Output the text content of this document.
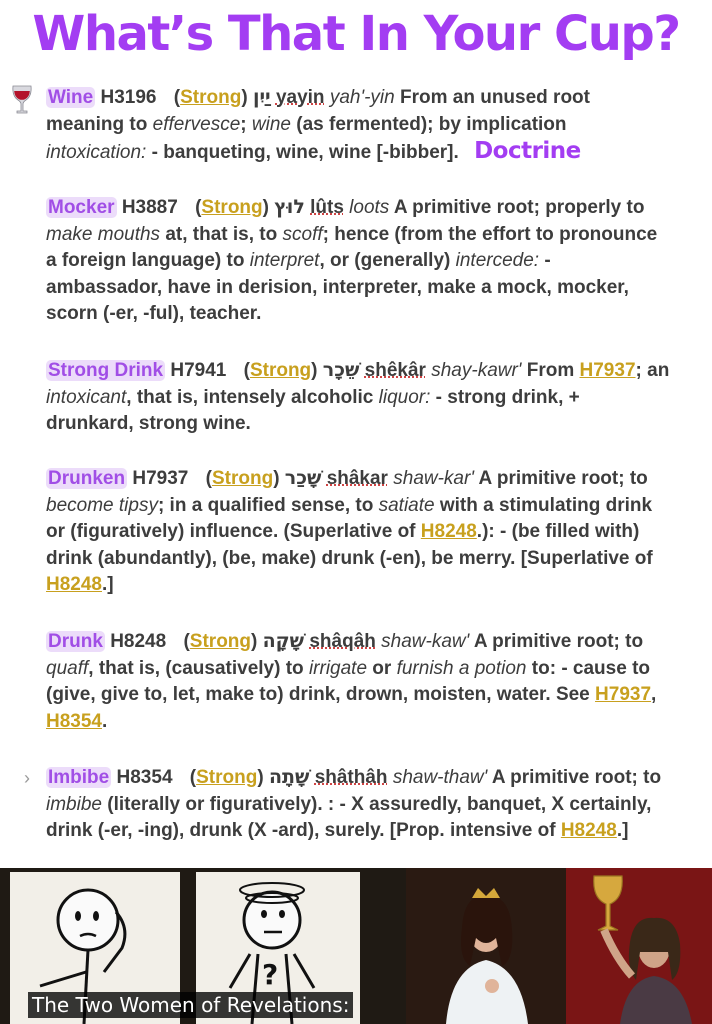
What’s That In Your Cup?
Wine H3196 (Strong) יַיִן yayin yah'-yin From an unused root meaning to effervesce; wine (as fermented); by implication intoxication: - banqueting, wine, wine [-bibber]. Doctrine
Mocker H3887 (Strong) לוּץ lûts loots A primitive root; properly to make mouths at, that is, to scoff; hence (from the effort to pronounce a foreign language) to interpret, or (generally) intercede: - ambassador, have in derision, interpreter, make a mock, mocker, scorn (-er, -ful), teacher.
Strong Drink H7941 (Strong) שֵׁכָר shêkâr shay-kawr' From H7937; an intoxicant, that is, intensely alcoholic liquor: - strong drink, + drunkard, strong wine.
Drunken H7937 (Strong) שָׁכַר shâkar shaw-kar' A primitive root; to become tipsy; in a qualified sense, to satiate with a stimulating drink or (figuratively) influence. (Superlative of H8248.): - (be filled with) drink (abundantly), (be, make) drunk (-en), be merry. [Superlative of H8248.]
Drunk H8248 (Strong) שָׁקָה shâqâh shaw-kaw' A primitive root; to quaff, that is, (causatively) to irrigate or furnish a potion to: - cause to (give, give to, let, make to) drink, drown, moisten, water. See H7937, H8354.
› Imbibe H8354 (Strong) שָׁתָה shâthâh shaw-thaw' A primitive root; to imbibe (literally or figuratively). : - X assuredly, banquet, X certainly, drink (-er, -ing), drunk (X -ard), surely. [Prop. intensive of H8248.]
?
The Two Women of Revelations:
